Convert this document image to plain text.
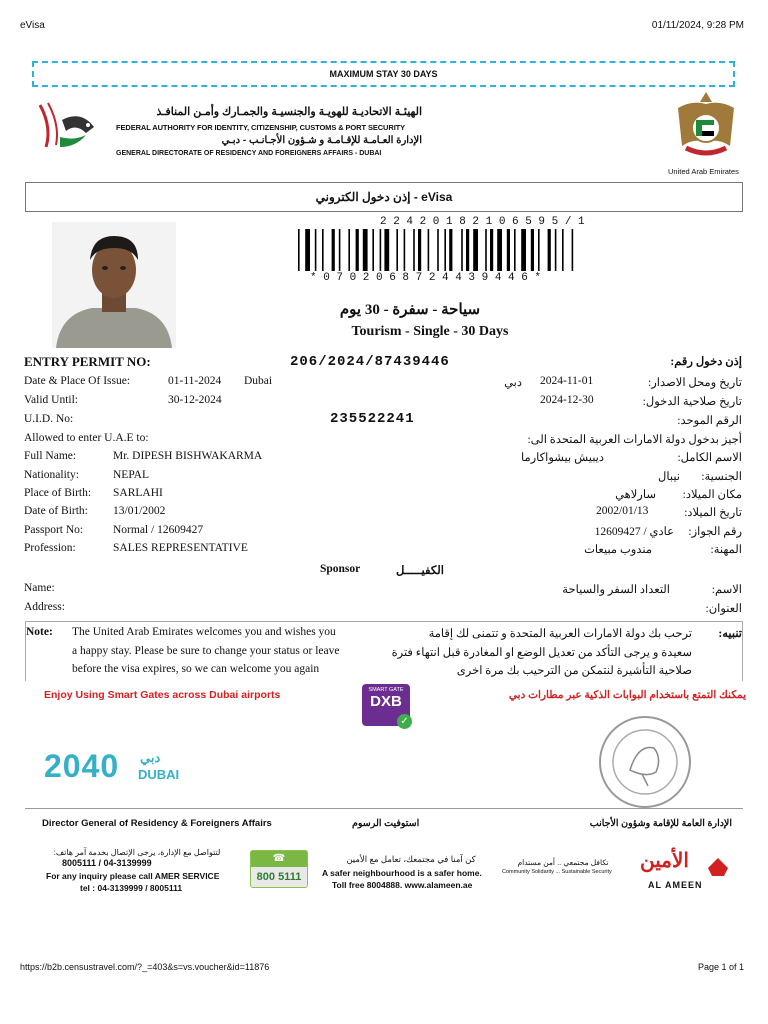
eVisa	01/11/2024, 9:28 PM
MAXIMUM STAY 30 DAYS
الهيئـة الاتحاديـة للهويـة والجنسيـة والجمـارك وأمـن المنافـذ
FEDERAL AUTHORITY FOR IDENTITY, CITIZENSHIP, CUSTOMS & PORT SECURITY
الإدارة العـامـة للإقـامـة و شـؤون الأجـانـب - دبـي
GENERAL DIRECTORATE OF RESIDENCY AND FOREIGNERS AFFAIRS - DUBAI
United Arab Emirates
إذن دخول الكتروني - eVisa
2 2 4 2 0 1 8 2 1 0 6 5 9 5 / 1
* 0 7 0 2 0 6 8 7 2 4 4 3 9 4 4 6 *
سياحة - سفرة - 30 يوم
Tourism - Single - 30 Days
ENTRY PERMIT NO:	206/2024/87439446	إذن دخول رقم:
Date & Place Of Issue:	01-11-2024 Dubai	دبي 2024-11-01	تاريخ ومحل الاصدار:
Valid Until:	30-12-2024	2024-12-30	تاريخ صلاحية الدخول:
U.I.D. No:	235522241	الرقم الموحد:
Allowed to enter U.A.E to:	أجيز بدخول دولة الامارات العربية المتحدة الى:
Full Name:	Mr. DIPESH BISHWAKARMA	ديبيش بيشواكارما	الاسم الكامل:
Nationality:	NEPAL	نيبال الجنسية:
Place of Birth: SARLAHI	سارلاهي مكان الميلاد:
Date of Birth: 13/01/2002	2002/01/13	تاريخ الميلاد:
Passport No:	Normal / 12609427	عادي / 12609427 رقم الجواز:
Profession:	SALES REPRESENTATIVE	مندوب مبيعات	المهنة:
Sponsor	الكفيـــــل
Name:	التعداد السفر والسياحة	الاسم:
Address:	العنوان:
Note: The United Arab Emirates welcomes you and wishes you
a happy stay. Please be sure to change your status or leave
before the visa expires, so we can welcome you again
تنبيه:
ترحب بك دولة الامارات العربية المتحدة و تتمنى لك إقامة
سعيدة و يرجى التأكد من تعديل الوضع او المغادرة قبل انتهاء فترة
صلاحية التأشيرة لنتمكن من الترحيب بك مرة اخرى
Enjoy Using Smart Gates across Dubai airports	SMART GATE
DXB
✓
يمكنك التمتع باستخدام البوابات الذكية عبر مطارات دبي
2040 DUBAI
دبي
Director General of Residency & Foreigners Affairs	استوفيت الرسوم	الإدارة العامة للإقامة وشؤون الأجانب
لتتواصل مع الإدارة، يرجى الإتصال بخدمة آمر هاتف:
8005111 / 04-3139999
For any inquiry please call AMER SERVICE
tel : 04-3139999 / 8005111
☎
800 5111
كن آمنا في مجتمعك، تعامل مع الأمين
A safer neighbourhood is a safer home.
Toll free 8004888. www.alameen.ae
تكافل مجتمعي .. أمن مستدام
Community Solidarity ... Sustainable Security الأمين
AL AMEEN
https://b2b.censustravel.com/?_=403&s=vs.voucher&id=11876	Page 1 of 1
